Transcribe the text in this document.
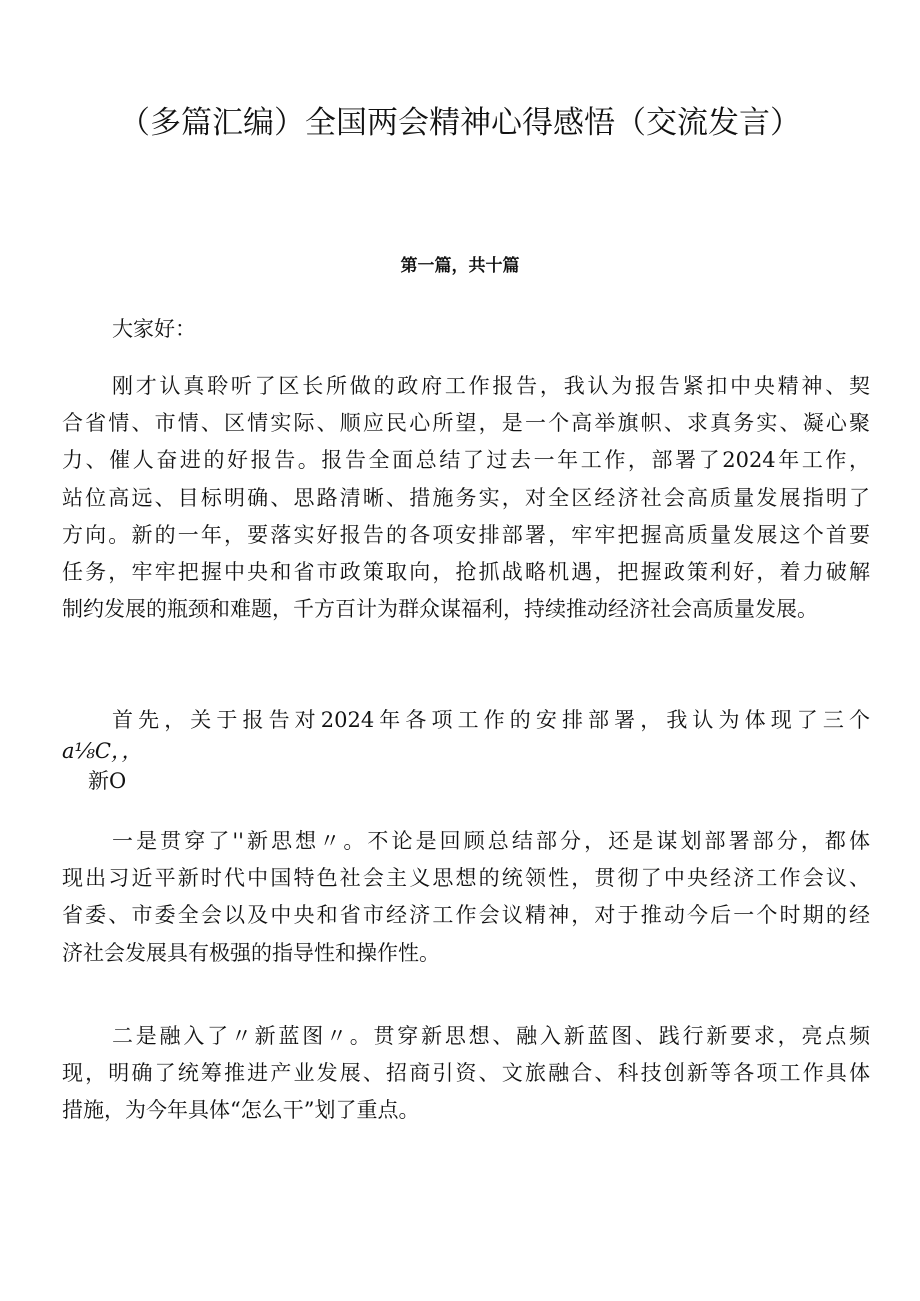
（多篇汇编）全国两会精神心得感悟（交流发言）
第一篇，共十篇
大家好：
刚才认真聆听了区长所做的政府工作报告，我认为报告紧扣中央精神、契
合省情、市情、区情实际、顺应民心所望，是一个高举旗帜、求真务实、凝心聚
力、催人奋进的好报告。报告全面总结了过去一年工作，部署了2024年工作，
站位高远、目标明确、思路清晰、措施务实，对全区经济社会高质量发展指明了
方向。新的一年，要落实好报告的各项安排部署，牢牢把握高质量发展这个首要
任务，牢牢把握中央和省市政策取向，抢抓战略机遇，把握政策利好，着力破解
制约发展的瓶颈和难题，千方百计为群众谋福利，持续推动经济社会高质量发展。
首先，关于报告对2024年各项工作的安排部署，我认为体现了三个
a⅛C，，
新O
一是贯穿了''新思想〃。不论是回顾总结部分，还是谋划部署部分，都体
现出习近平新时代中国特色社会主义思想的统领性，贯彻了中央经济工作会议、
省委、市委全会以及中央和省市经济工作会议精神，对于推动今后一个时期的经
济社会发展具有极强的指导性和操作性。
二是融入了〃新蓝图〃。贯穿新思想、融入新蓝图、践行新要求，亮点频
现，明确了统筹推进产业发展、招商引资、文旅融合、科技创新等各项工作具体
措施，为今年具体“怎么干”划了重点。
